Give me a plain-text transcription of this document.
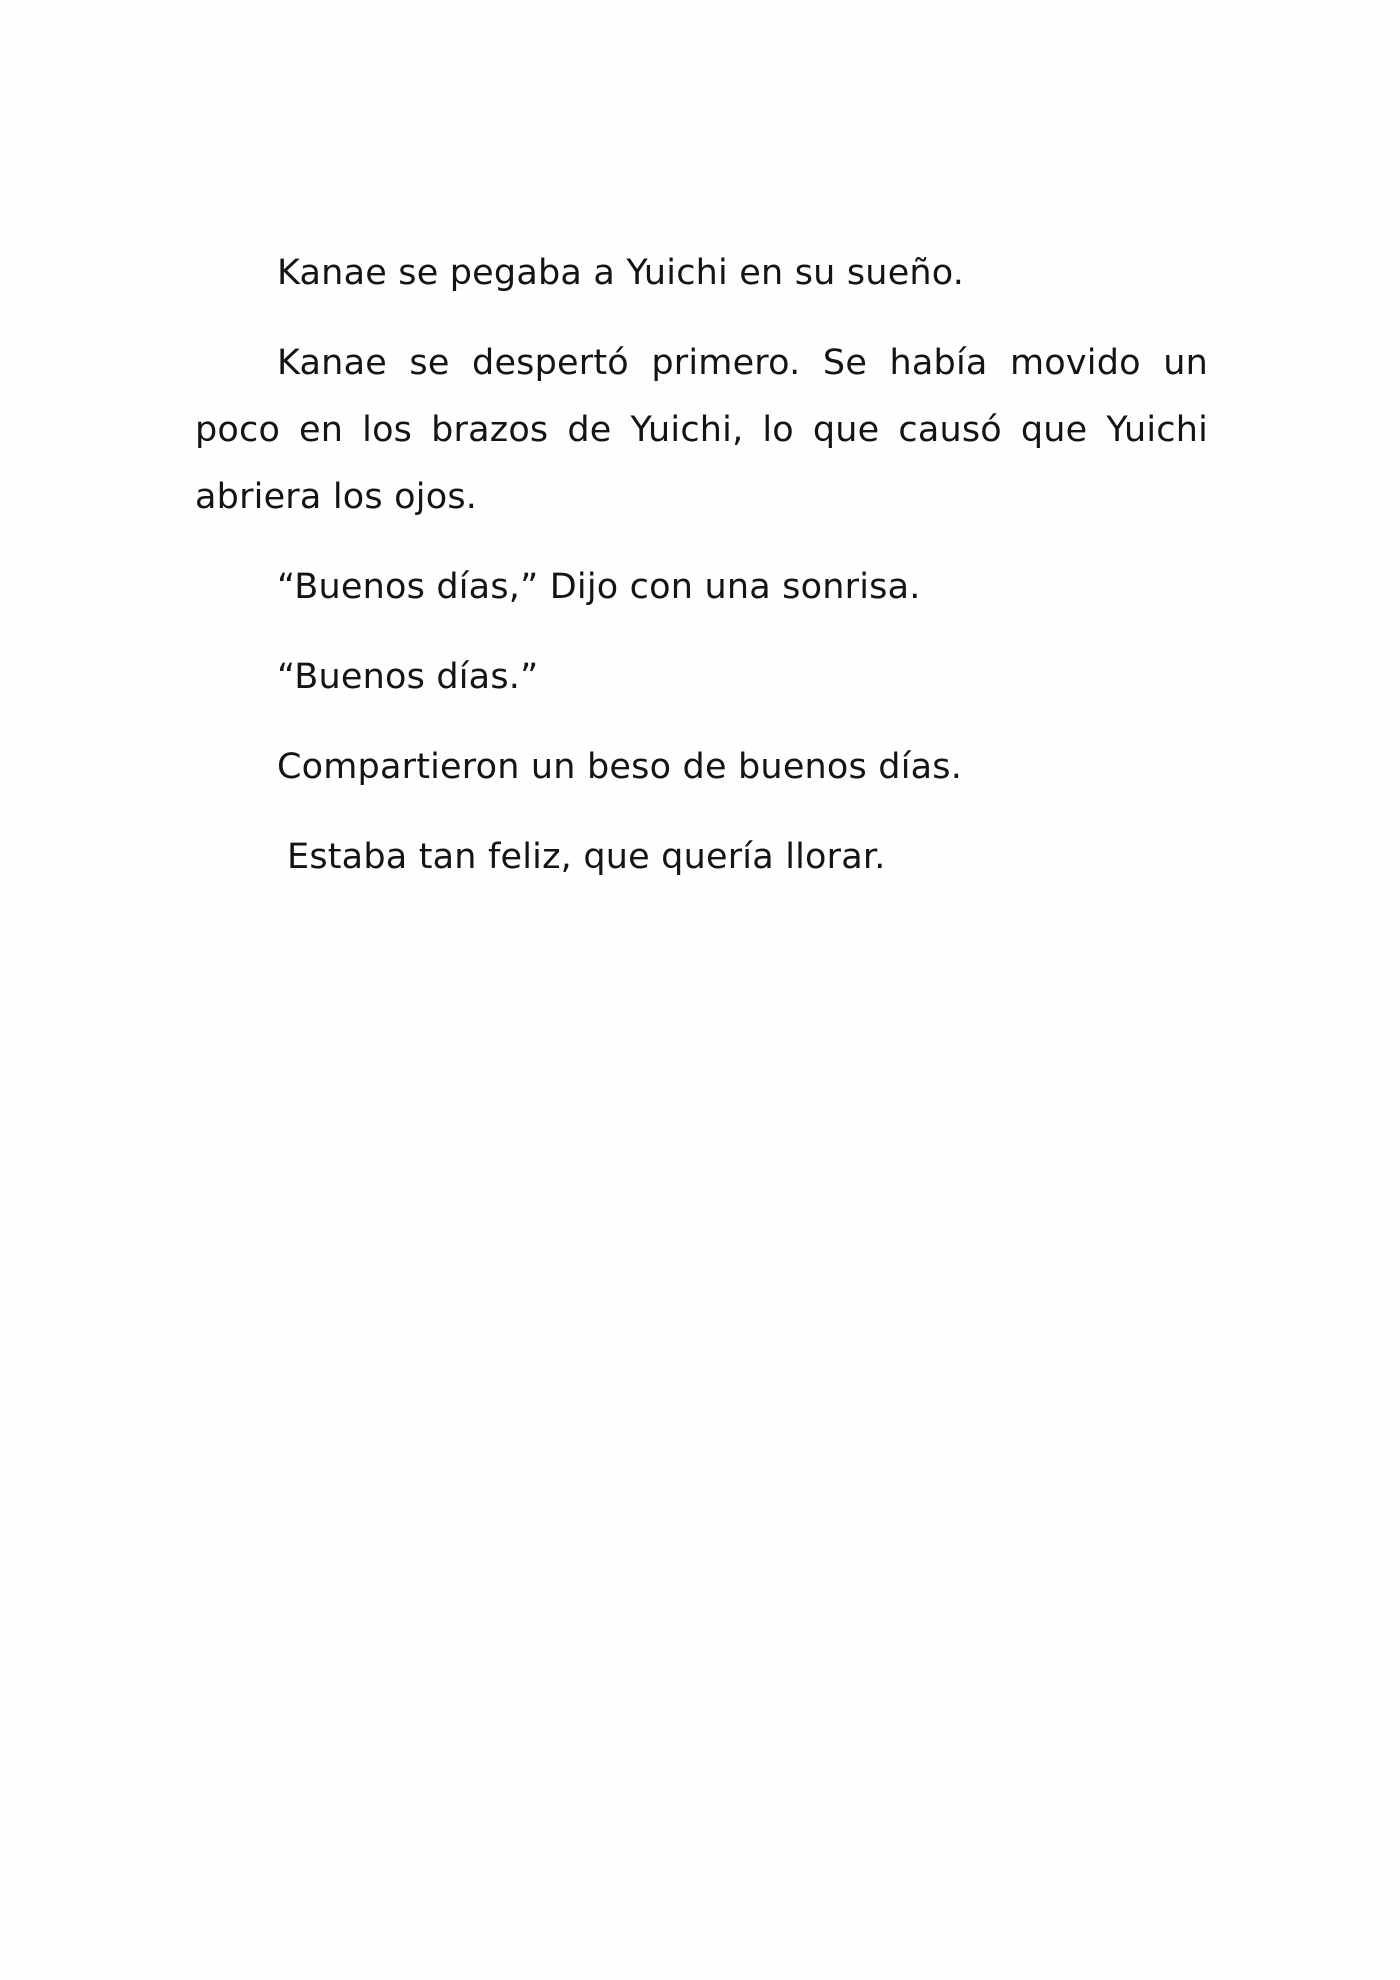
Kanae se pegaba a Yuichi en su sueño.

Kanae se despertó primero. Se había movido un poco en los brazos de Yuichi, lo que causó que Yuichi abriera los ojos.

“Buenos días,” Dijo con una sonrisa.

“Buenos días.”

Compartieron un beso de buenos días.

Estaba tan feliz, que quería llorar.
